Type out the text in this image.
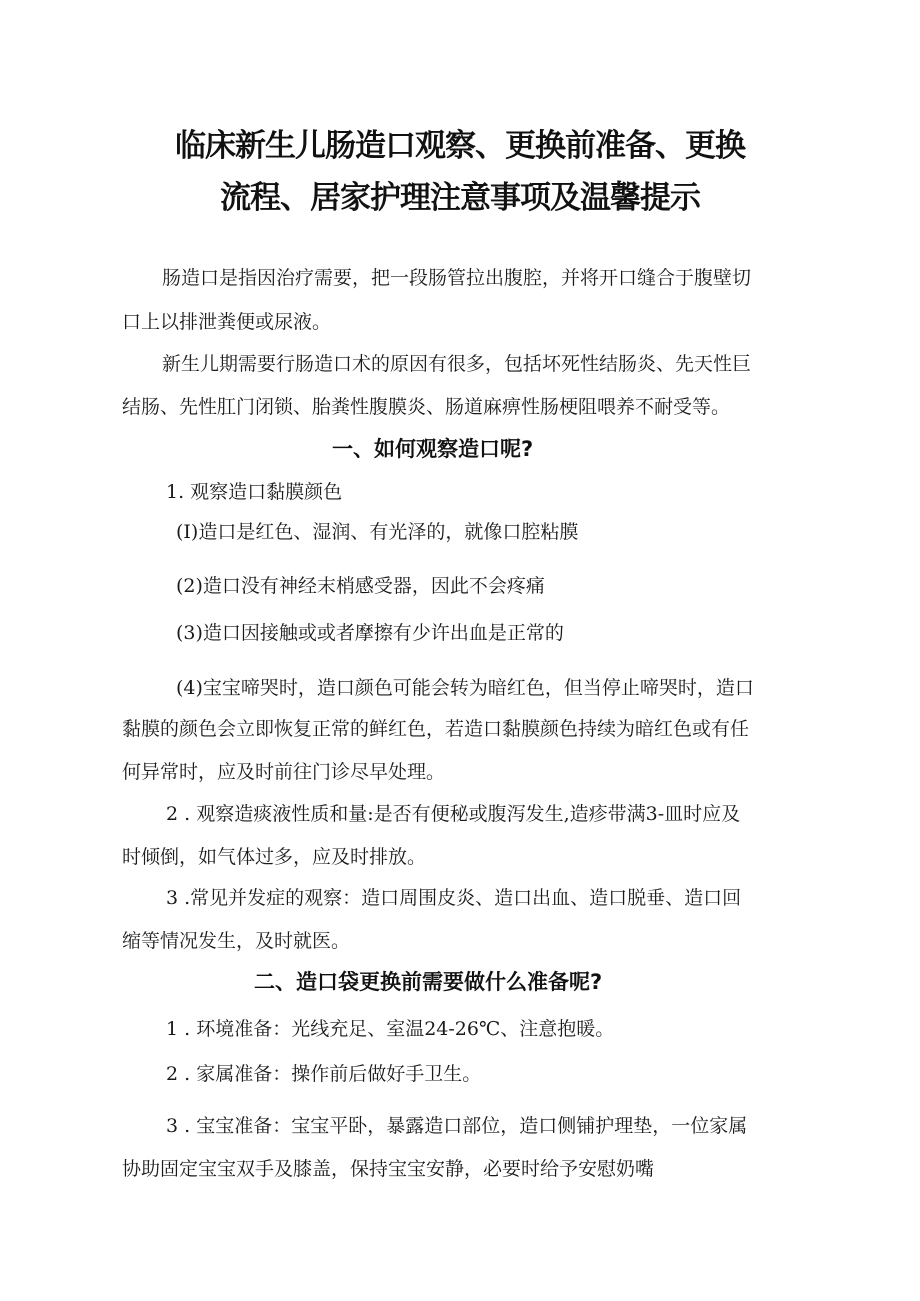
临床新生儿肠造口观察、更换前准备、更换
流程、居家护理注意事项及温馨提示

肠造口是指因治疗需要，把一段肠管拉出腹腔，并将开口缝合于腹壁切

口上以排泄粪便或尿液。

新生儿期需要行肠造口术的原因有很多，包括坏死性结肠炎、先天性巨

结肠、先性肛门闭锁、胎粪性腹膜炎、肠道麻痹性肠梗阻喂养不耐受等。

一、如何观察造口呢?

1. 观察造口黏膜颜色

(I)造口是红色、湿润、有光泽的，就像口腔粘膜

(2)造口没有神经末梢感受器，因此不会疼痛

(3)造口因接触或或者摩擦有少许出血是正常的

(4)宝宝啼哭时，造口颜色可能会转为暗红色，但当停止啼哭时，造口

黏膜的颜色会立即恢复正常的鲜红色，若造口黏膜颜色持续为暗红色或有任

何异常时，应及时前往门诊尽早处理。

2 . 观察造痰液性质和量:是否有便秘或腹泻发生,造疹带满3-皿时应及

时倾倒，如气体过多，应及时排放。

3 .常见并发症的观察：造口周围皮炎、造口出血、造口脱垂、造口回

缩等情况发生，及时就医。

二、造口袋更换前需要做什么准备呢?

1 . 环境准备：光线充足、室温24-26℃、注意抱暖。

2 . 家属准备：操作前后做好手卫生。

3 . 宝宝准备：宝宝平卧，暴露造口部位，造口侧铺护理垫，一位家属

协助固定宝宝双手及膝盖，保持宝宝安静，必要时给予安慰奶嘴
